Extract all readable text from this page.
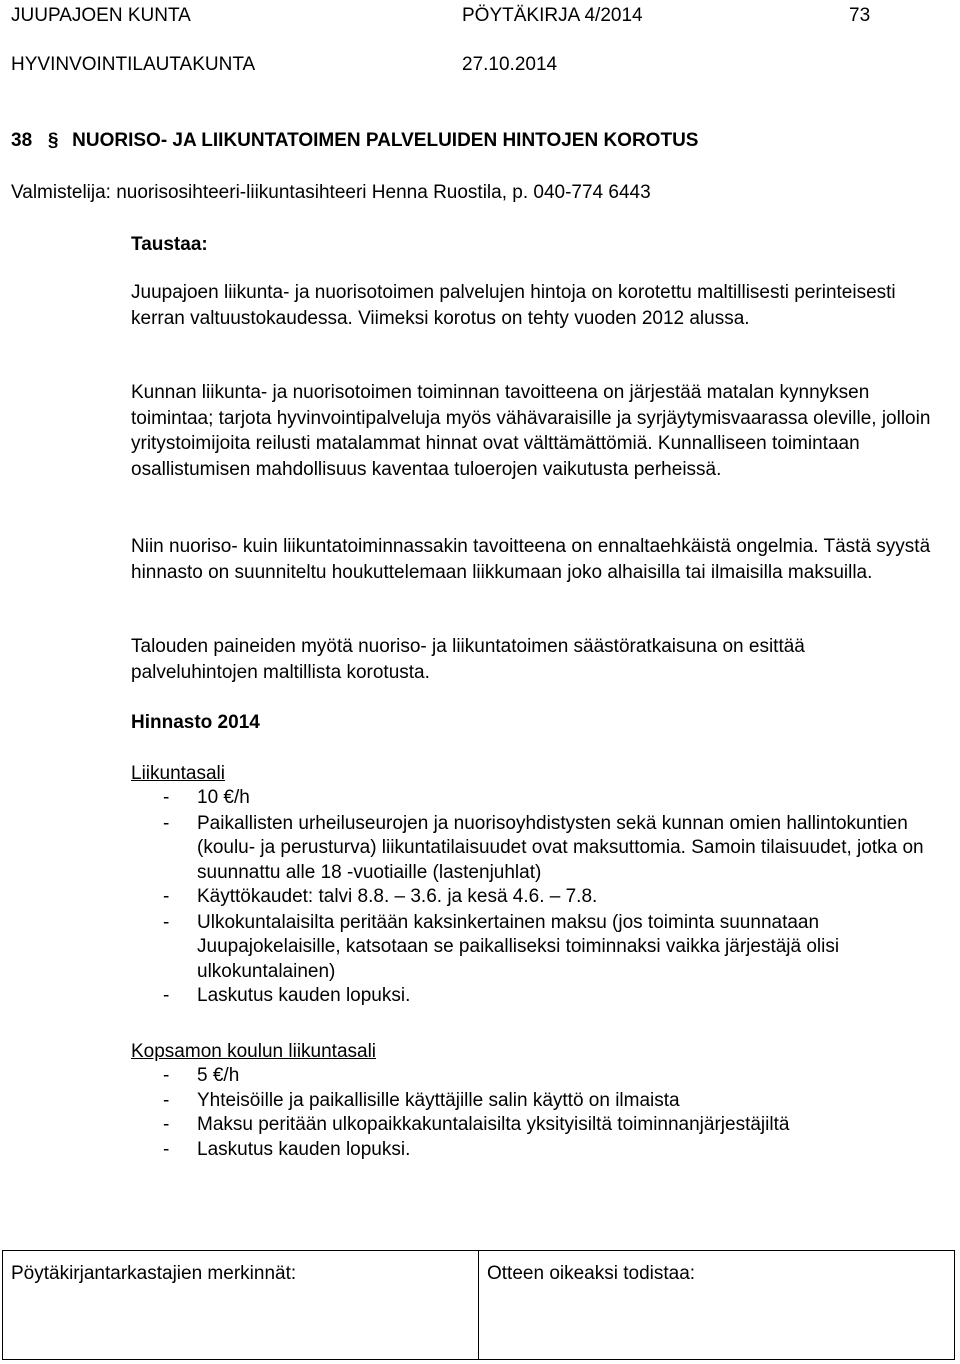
JUUPAJOEN KUNTA	PÖYTÄKIRJA 4/2014	73
HYVINVOINTILAUTAKUNTA	27.10.2014
38 § NUORISO- JA LIIKUNTATOIMEN PALVELUIDEN HINTOJEN KOROTUS
Valmistelija: nuorisosihteeri-liikuntasihteeri Henna Ruostila, p. 040-774 6443
Taustaa:

Juupajoen liikunta- ja nuorisotoimen palvelujen hintoja on korotettu maltillisesti perinteisesti kerran valtuustokaudessa. Viimeksi korotus on tehty vuoden 2012 alussa.

Kunnan liikunta- ja nuorisotoimen toiminnan tavoitteena on järjestää matalan kynnyksen toimintaa; tarjota hyvinvointipalveluja myös vähävaraisille ja syrjäytymisvaarassa oleville, jolloin yritystoimijoita reilusti matalammat hinnat ovat välttämättömiä. Kunnalliseen toimintaan osallistumisen mahdollisuus kaventaa tuloerojen vaikutusta perheissä.

Niin nuoriso- kuin liikuntatoiminnassakin tavoitteena on ennaltaehkäistä ongelmia. Tästä syystä hinnasto on suunniteltu houkuttelemaan liikkumaan joko alhaisilla tai ilmaisilla maksuilla.

Talouden paineiden myötä nuoriso- ja liikuntatoimen säästöratkaisuna on esittää palveluhintojen maltillista korotusta.

Hinnasto 2014
Liikuntasali
- 10 €/h
- Paikallisten urheiluseurojen ja nuorisoyhdistysten sekä kunnan omien hallintokuntien (koulu- ja perusturva) liikuntatilaisuudet ovat maksuttomia. Samoin tilaisuudet, jotka on suunnattu alle 18 -vuotiaille (lastenjuhlat)
- Käyttökaudet: talvi 8.8. – 3.6. ja kesä 4.6. – 7.8.
- Ulkokuntalaisilta peritään kaksinkertainen maksu (jos toiminta suunnataan Juupajokelaisille, katsotaan se paikalliseksi toiminnaksi vaikka järjestäjä olisi ulkokuntalainen)
- Laskutus kauden lopuksi.
Kopsamon koulun liikuntasali
- 5 €/h
- Yhteisöille ja paikallisille käyttäjille salin käyttö on ilmaista
- Maksu peritään ulkopaikkakuntalaisilta yksityisiltä toiminnanjärjestäjiltä
- Laskutus kauden lopuksi.
Pöytäkirjantarkastajien merkinnät:	Otteen oikeaksi todistaa:
